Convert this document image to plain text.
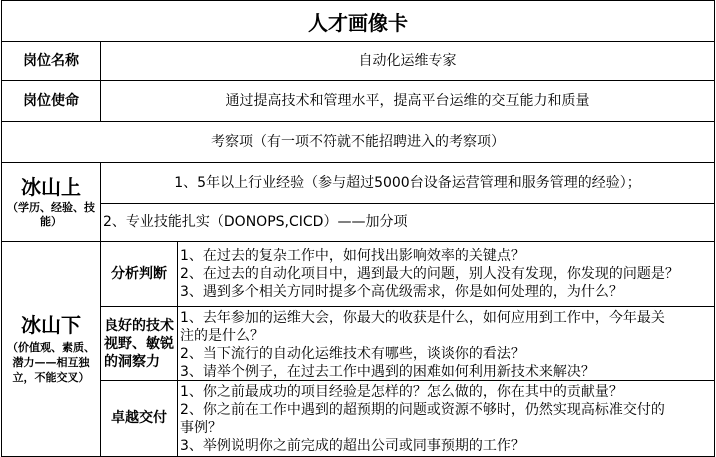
人才画像卡
岗位名称	自动化运维专家
岗位使命	通过提高技术和管理水平，提高平台运维的交互能力和质量
考察项（有一项不符就不能招聘进入的考察项）
冰山上
（学历、经验、技能）
1、5年以上行业经验（参与超过5000台设备运营管理和服务管理的经验）；
2、专业技能扎实（DONOPS,CICD）——加分项
冰山下
（价值观、素质、潜力——相互独立，不能交叉）
分析判断
1、在过去的复杂工作中，如何找出影响效率的关键点？
2、在过去的自动化项目中，遇到最大的问题，别人没有发现，你发现的问题是？
3、遇到多个相关方同时提多个高优级需求，你是如何处理的，为什么？
良好的技术视野、敏锐的洞察力
1、去年参加的运维大会，你最大的收获是什么，如何应用到工作中，今年最关
注的是什么？
2、当下流行的自动化运维技术有哪些，谈谈你的看法？
3、请举个例子，在过去工作中遇到的困难如何利用新技术来解决？
卓越交付
1、你之前最成功的项目经验是怎样的？怎么做的，你在其中的贡献量？
2、你之前在工作中遇到的超预期的问题或资源不够时，仍然实现高标准交付的
事例？
3、举例说明你之前完成的超出公司或同事预期的工作？
